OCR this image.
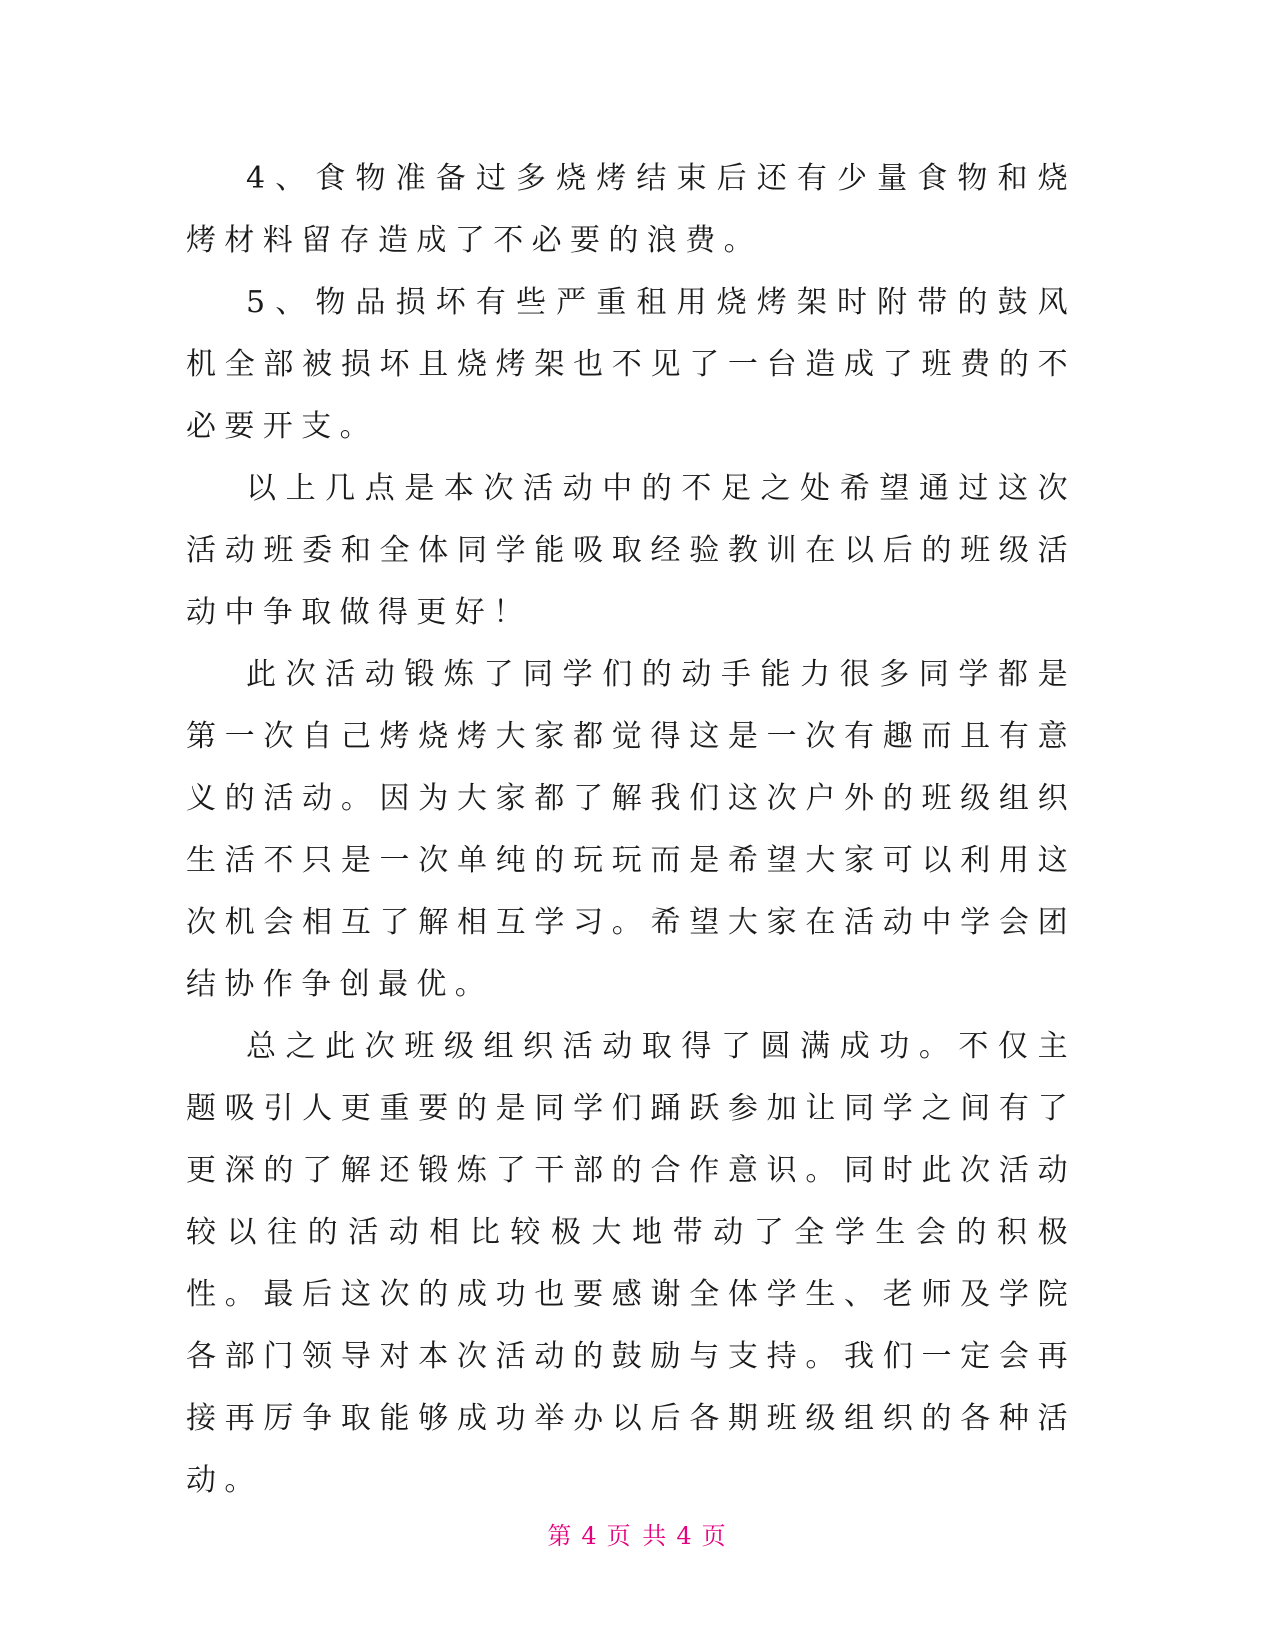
4、食物准备过多烧烤结束后还有少量食物和烧烤材料留存造成了不必要的浪费。

5、物品损坏有些严重租用烧烤架时附带的鼓风机全部被损坏且烧烤架也不见了一台造成了班费的不必要开支。

以上几点是本次活动中的不足之处希望通过这次活动班委和全体同学能吸取经验教训在以后的班级活动中争取做得更好！

此次活动锻炼了同学们的动手能力很多同学都是第一次自己烤烧烤大家都觉得这是一次有趣而且有意义的活动。因为大家都了解我们这次户外的班级组织生活不只是一次单纯的玩玩而是希望大家可以利用这次机会相互了解相互学习。希望大家在活动中学会团结协作争创最优。

总之此次班级组织活动取得了圆满成功。不仅主题吸引人更重要的是同学们踊跃参加让同学之间有了更深的了解还锻炼了干部的合作意识。同时此次活动较以往的活动相比较极大地带动了全学生会的积极性。最后这次的成功也要感谢全体学生、老师及学院各部门领导对本次活动的鼓励与支持。我们一定会再接再厉争取能够成功举办以后各期班级组织的各种活动。

第 4 页 共 4 页
